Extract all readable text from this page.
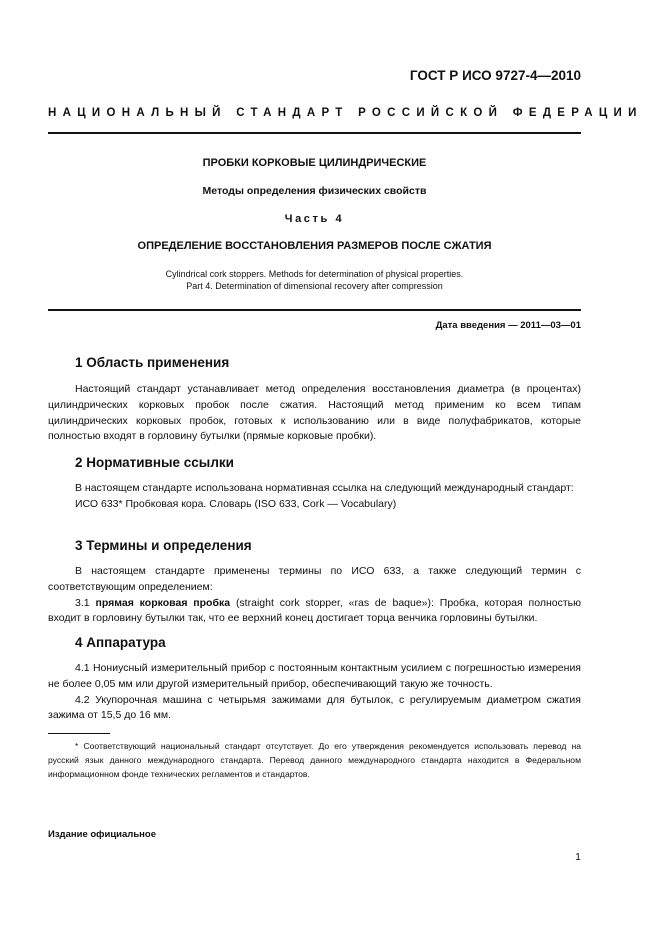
ГОСТ Р ИСО 9727-4—2010
НАЦИОНАЛЬНЫЙ СТАНДАРТ РОССИЙСКОЙ ФЕДЕРАЦИИ
ПРОБКИ КОРКОВЫЕ ЦИЛИНДРИЧЕСКИЕ
Методы определения физических свойств
Часть 4
ОПРЕДЕЛЕНИЕ ВОССТАНОВЛЕНИЯ РАЗМЕРОВ ПОСЛЕ СЖАТИЯ
Cylindrical cork stoppers. Methods for determination of physical properties.
Part 4. Determination of dimensional recovery after compression
Дата введения — 2011—03—01
1 Область применения
Настоящий стандарт устанавливает метод определения восстановления диаметра (в процентах) цилиндрических корковых пробок после сжатия. Настоящий метод применим ко всем типам цилиндрических корковых пробок, готовых к использованию или в виде полуфабрикатов, которые полностью входят в горловину бутылки (прямые корковые пробки).
2 Нормативные ссылки

В настоящем стандарте использована нормативная ссылка на следующий международный стандарт:

ИСО 633* Пробковая кора. Словарь (ISO 633, Cork — Vocabulary)

3 Термины и определения

В настоящем стандарте применены термины по ИСО 633, а также следующий термин с соответствующим определением:

3.1 прямая корковая пробка (straight cork stopper, «ras de baque»): Пробка, которая полностью входит в горловину бутылки так, что ее верхний конец достигает торца венчика горловины бутылки.

4 Аппаратура

4.1 Нониусный измерительный прибор с постоянным контактным усилием с погрешностью измерения не более 0,05 мм или другой измерительный прибор, обеспечивающий такую же точность.

4.2 Укупорочная машина с четырьмя зажимами для бутылок, с регулируемым диаметром сжатия зажима от 15,5 до 16 мм.

* Соответствующий национальный стандарт отсутствует. До его утверждения рекомендуется использовать перевод на русский язык данного международного стандарта. Перевод данного международного стандарта находится в Федеральном информационном фонде технических регламентов и стандартов.
Издание официальное
1
